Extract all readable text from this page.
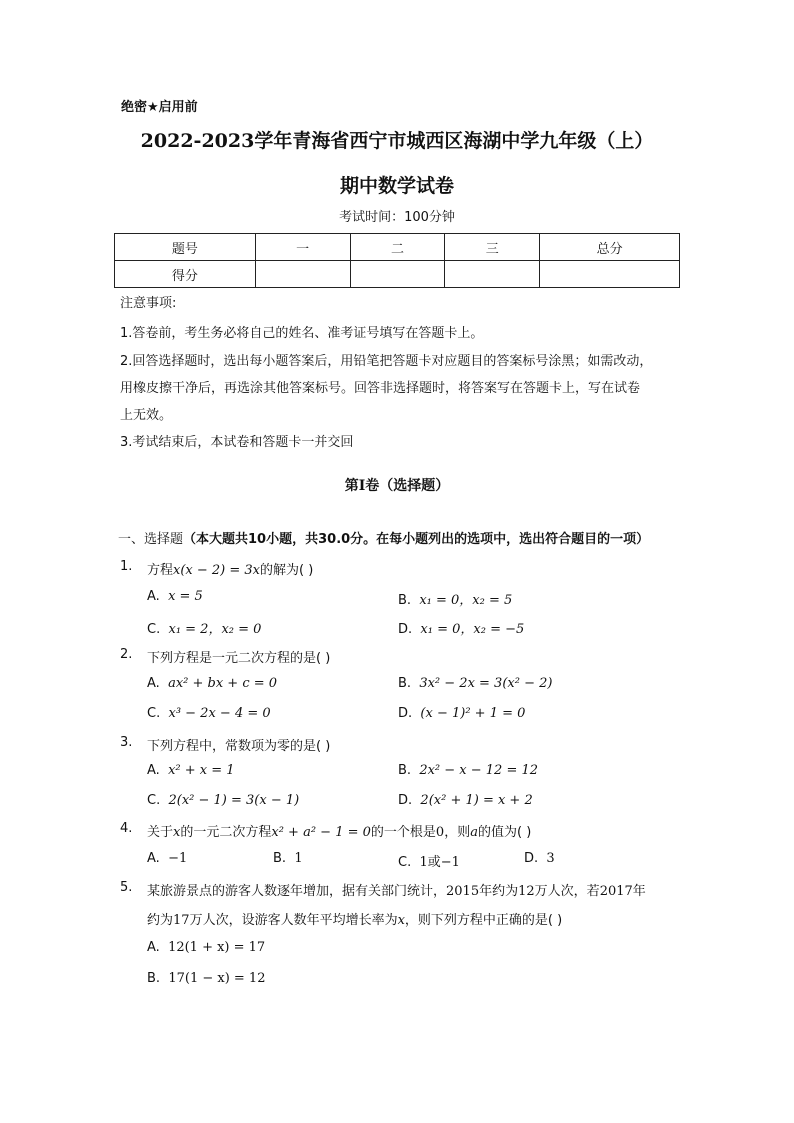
绝密★启用前
2022-2023学年青海省西宁市城西区海湖中学九年级（上）
期中数学试卷
考试时间：100分钟
题号	一	二	三	总分
得分				
注意事项:
1.答卷前，考生务必将自己的姓名、准考证号填写在答题卡上。
2.回答选择题时，选出每小题答案后，用铅笔把答题卡对应题目的答案标号涂黑；如需改动，
用橡皮擦干净后，再选涂其他答案标号。回答非选择题时，将答案写在答题卡上，写在试卷
上无效。
3.考试结束后，本试卷和答题卡一并交回
第I卷（选择题）
一、选择题（本大题共10小题，共30.0分。在每小题列出的选项中，选出符合题目的一项）
1. 方程x(x − 2) = 3x的解为( )
A. x = 5	B. x₁ = 0，x₂ = 5
C. x₁ = 2，x₂ = 0	D. x₁ = 0，x₂ = −5
2. 下列方程是一元二次方程的是( )
A. ax² + bx + c = 0	B. 3x² − 2x = 3(x² − 2)
C. x³ − 2x − 4 = 0	D. (x − 1)² + 1 = 0
3. 下列方程中，常数项为零的是( )
A. x² + x = 1	B. 2x² − x − 12 = 12
C. 2(x² − 1) = 3(x − 1)	D. 2(x² + 1) = x + 2
4. 关于x的一元二次方程x² + a² − 1 = 0的一个根是0，则a的值为( )
A. −1	B. 1	C. 1或−1	D. 3
5. 某旅游景点的游客人数逐年增加，据有关部门统计，2015年约为12万人次，若2017年
约为17万人次，设游客人数年平均增长率为x，则下列方程中正确的是( )
A. 12(1 + x) = 17
B. 17(1 − x) = 12
